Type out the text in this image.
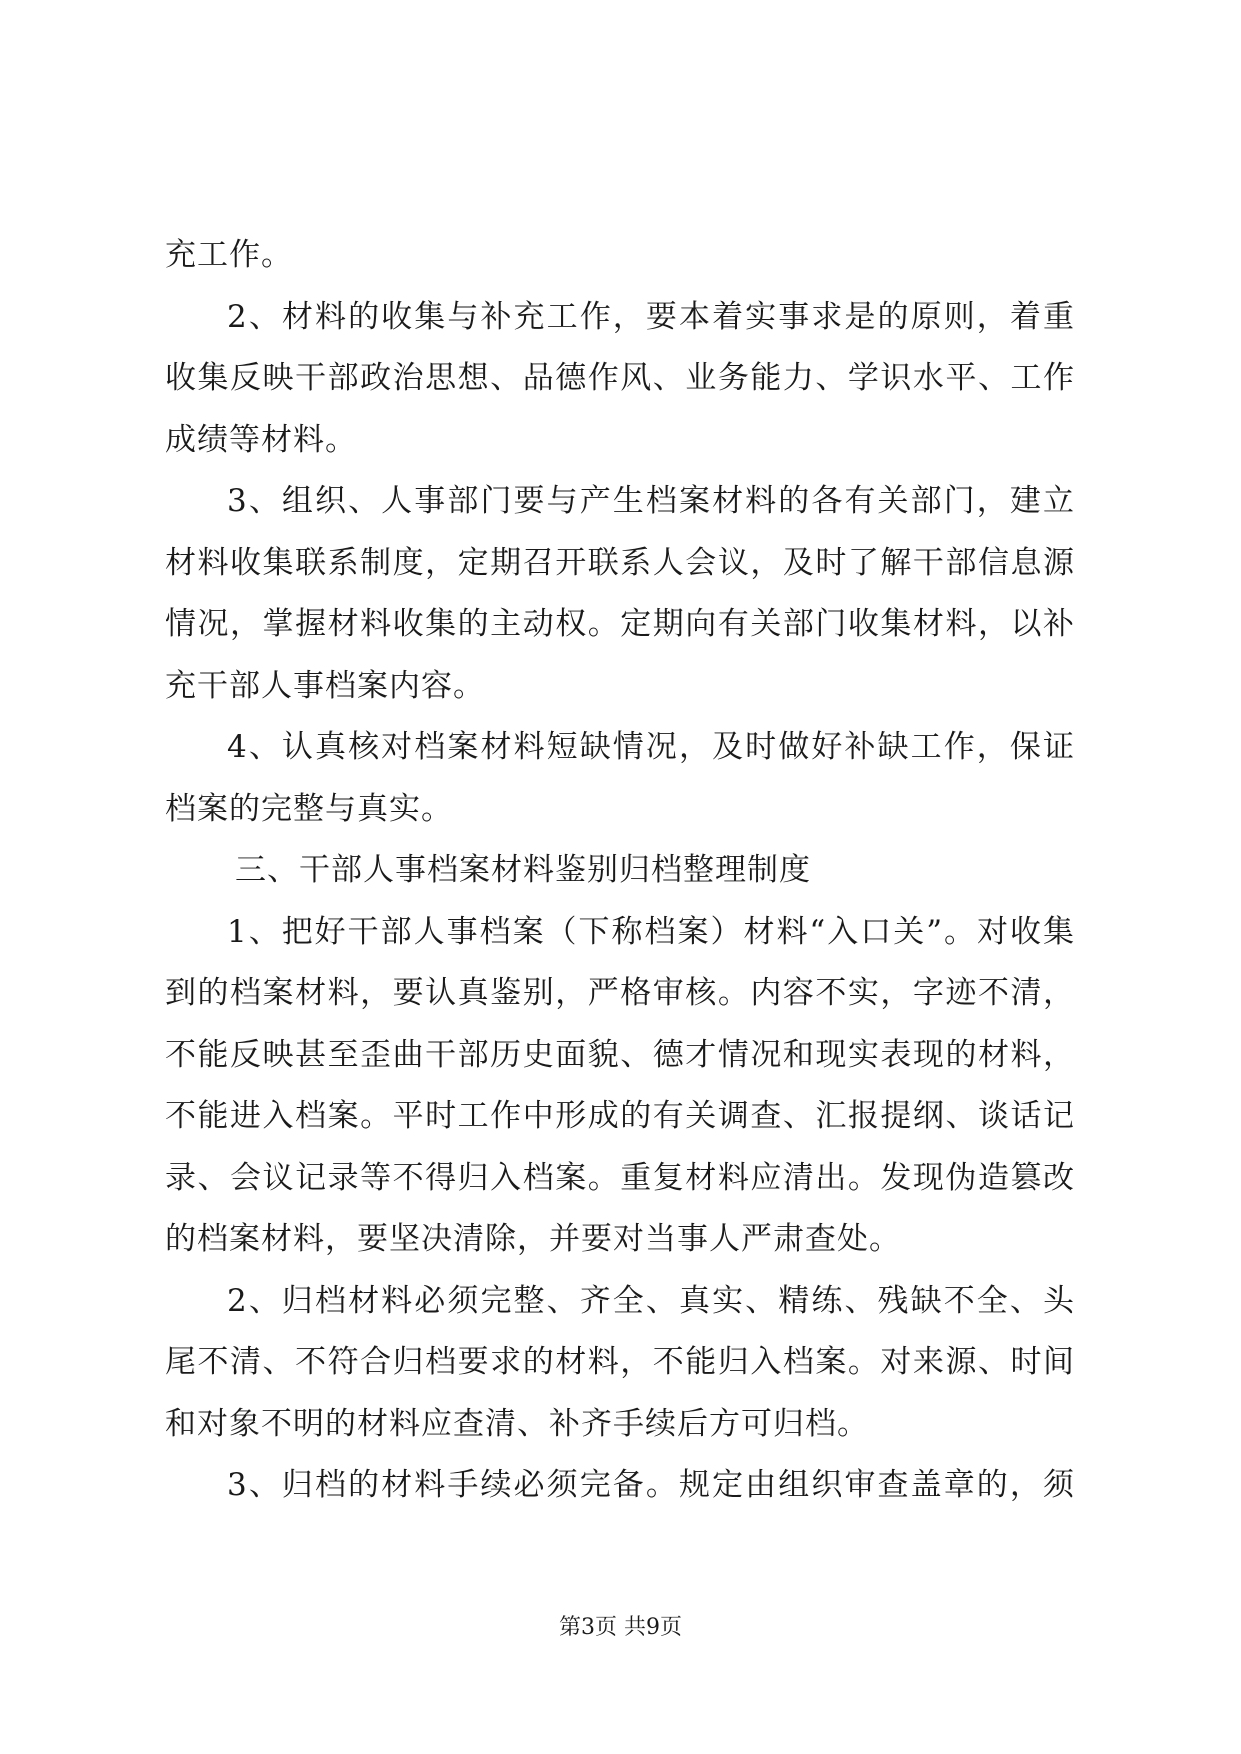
充工作。
2、材料的收集与补充工作，要本着实事求是的原则，着重
收集反映干部政治思想、品德作风、业务能力、学识水平、工作
成绩等材料。
3、组织、人事部门要与产生档案材料的各有关部门，建立
材料收集联系制度，定期召开联系人会议，及时了解干部信息源
情况，掌握材料收集的主动权。定期向有关部门收集材料，以补
充干部人事档案内容。
4、认真核对档案材料短缺情况，及时做好补缺工作，保证
档案的完整与真实。
三、干部人事档案材料鉴别归档整理制度
1、把好干部人事档案（下称档案）材料“入口关”。对收集
到的档案材料，要认真鉴别，严格审核。内容不实，字迹不清，
不能反映甚至歪曲干部历史面貌、德才情况和现实表现的材料，
不能进入档案。平时工作中形成的有关调查、汇报提纲、谈话记
录、会议记录等不得归入档案。重复材料应清出。发现伪造篡改
的档案材料，要坚决清除，并要对当事人严肃查处。
2、归档材料必须完整、齐全、真实、精练、残缺不全、头
尾不清、不符合归档要求的材料，不能归入档案。对来源、时间
和对象不明的材料应查清、补齐手续后方可归档。
3、归档的材料手续必须完备。规定由组织审查盖章的，须
第3页 共9页
